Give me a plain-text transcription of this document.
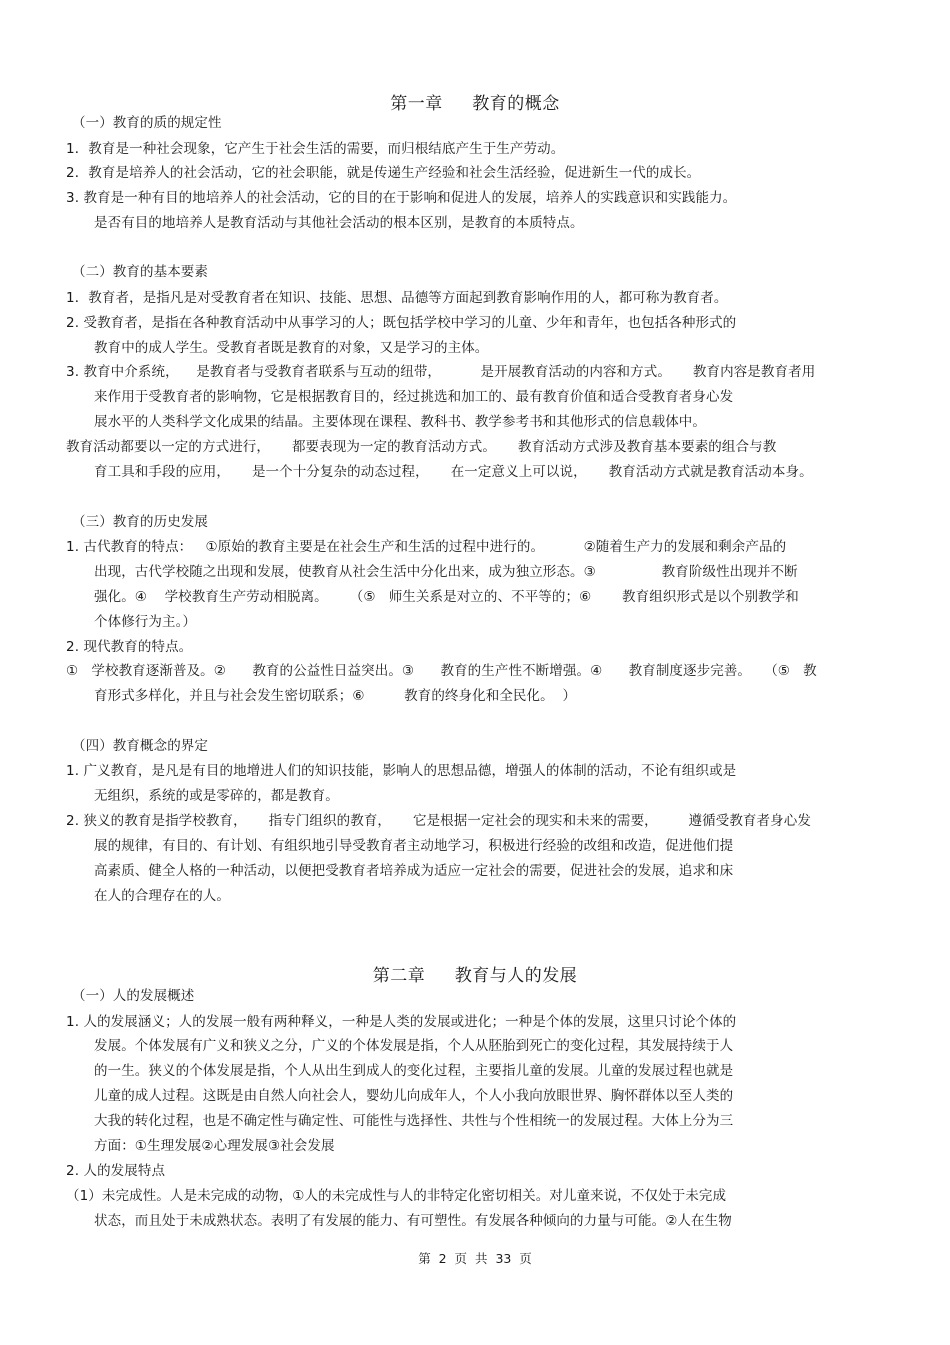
第一章     教育的概念
（一）教育的质的规定性
1．教育是一种社会现象，它产生于社会生活的需要，而归根结底产生于生产劳动。
2．教育是培养人的社会活动，它的社会职能，就是传递生产经验和社会生活经验，促进新生一代的成长。
3. 教育是一种有目的地培养人的社会活动，它的目的在于影响和促进人的发展，培养人的实践意识和实践能力。
是否有目的地培养人是教育活动与其他社会活动的根本区别，是教育的本质特点。
（二）教育的基本要素
1．教育者，是指凡是对受教育者在知识、技能、思想、品德等方面起到教育影响作用的人，都可称为教育者。
2. 受教育者，是指在各种教育活动中从事学习的人；既包括学校中学习的儿童、少年和青年，也包括各种形式的
教育中的成人学生。受教育者既是教育的对象，又是学习的主体。
3. 教育中介系统，    是教育者与受教育者联系与互动的纽带，         是开展教育活动的内容和方式。     教育内容是教育者用
来作用于受教育者的影响物，它是根据教育目的，经过挑选和加工的、最有教育价值和适合受教育者身心发
展水平的人类科学文化成果的结晶。主要体现在课程、教科书、教学参考书和其他形式的信息载体中。
教育活动都要以一定的方式进行，     都要表现为一定的教育活动方式。     教育活动方式涉及教育基本要素的组合与教
育工具和手段的应用，     是一个十分复杂的动态过程，     在一定意义上可以说，     教育活动方式就是教育活动本身。
（三）教育的历史发展
1. 古代教育的特点：   ①原始的教育主要是在社会生产和生活的过程中进行的。         ②随着生产力的发展和剩余产品的
出现，古代学校随之出现和发展，使教育从社会生活中分化出来，成为独立形态。③               教育阶级性出现并不断
强化。④    学校教育生产劳动相脱离。     （⑤   师生关系是对立的、不平等的；⑥       教育组织形式是以个别教学和
个体修行为主。）
2. 现代教育的特点。
①   学校教育逐渐普及。②      教育的公益性日益突出。③      教育的生产性不断增强。④      教育制度逐步完善。   （⑤   教
育形式多样化，并且与社会发生密切联系；⑥         教育的终身化和全民化。  ）
（四）教育概念的界定
1. 广义教育，是凡是有目的地增进人们的知识技能，影响人的思想品德，增强人的体制的活动，不论有组织或是
无组织，系统的或是零碎的，都是教育。
2. 狭义的教育是指学校教育，     指专门组织的教育，     它是根据一定社会的现实和未来的需要，       遵循受教育者身心发
展的规律，有目的、有计划、有组织地引导受教育者主动地学习，积极进行经验的改组和改造，促进他们提
高素质、健全人格的一种活动，以便把受教育者培养成为适应一定社会的需要，促进社会的发展，追求和床
在人的合理存在的人。
第二章     教育与人的发展
（一）人的发展概述
1. 人的发展涵义；人的发展一般有两种释义，一种是人类的发展或进化；一种是个体的发展，这里只讨论个体的
发展。个体发展有广义和狭义之分，广义的个体发展是指，个人从胚胎到死亡的变化过程，其发展持续于人
的一生。狭义的个体发展是指，个人从出生到成人的变化过程，主要指儿童的发展。儿童的发展过程也就是
儿童的成人过程。这既是由自然人向社会人，婴幼儿向成年人，个人小我向放眼世界、胸怀群体以至人类的
大我的转化过程，也是不确定性与确定性、可能性与选择性、共性与个性相统一的发展过程。大体上分为三
方面：①生理发展②心理发展③社会发展
2. 人的发展特点
（1）未完成性。人是未完成的动物，①人的未完成性与人的非特定化密切相关。对儿童来说，不仅处于未完成
状态，而且处于未成熟状态。表明了有发展的能力、有可塑性。有发展各种倾向的力量与可能。②人在生物
第  2  页  共  33  页
